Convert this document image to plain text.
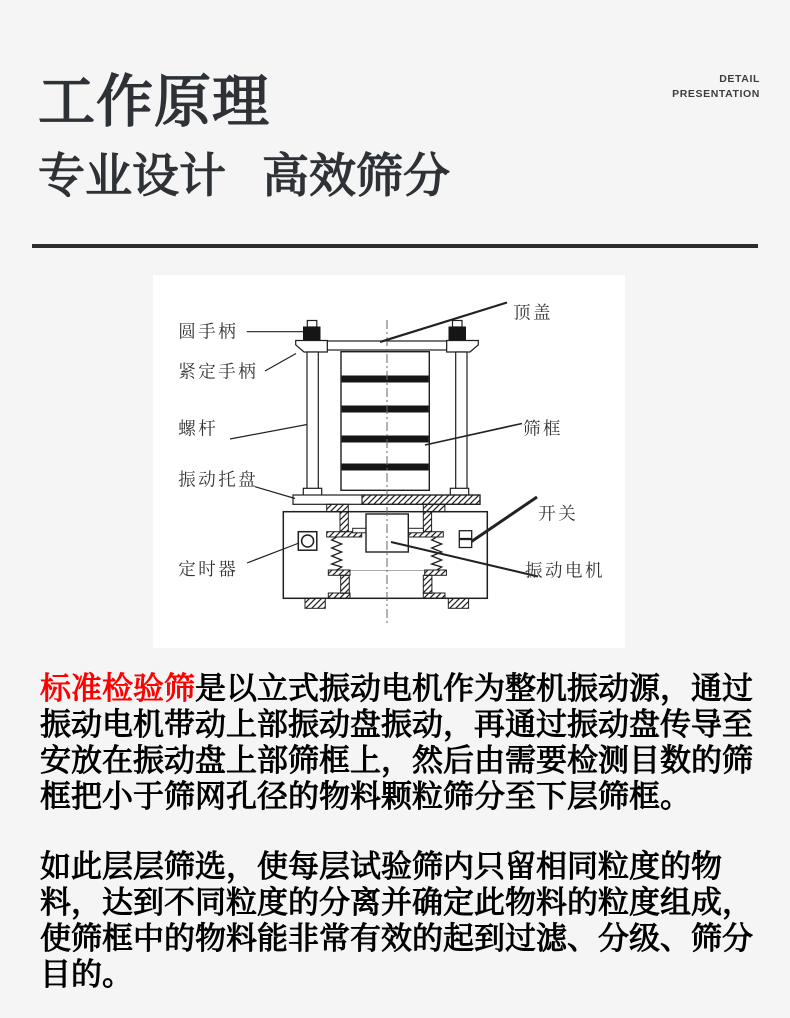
工作原理	DETAIL
PRESENTATION
专业设计 高效筛分
圆手柄
紧定手柄
螺杆
振动托盘
定时器
顶盖
筛框
开关
振动电机
标准检验筛是以立式振动电机作为整机振动源，通过
振动电机带动上部振动盘振动，再通过振动盘传导至
安放在振动盘上部筛框上，然后由需要检测目数的筛
框把小于筛网孔径的物料颗粒筛分至下层筛框。
如此层层筛选，使每层试验筛内只留相同粒度的物
料，达到不同粒度的分离并确定此物料的粒度组成，
使筛框中的物料能非常有效的起到过滤、分级、筛分
目的。
